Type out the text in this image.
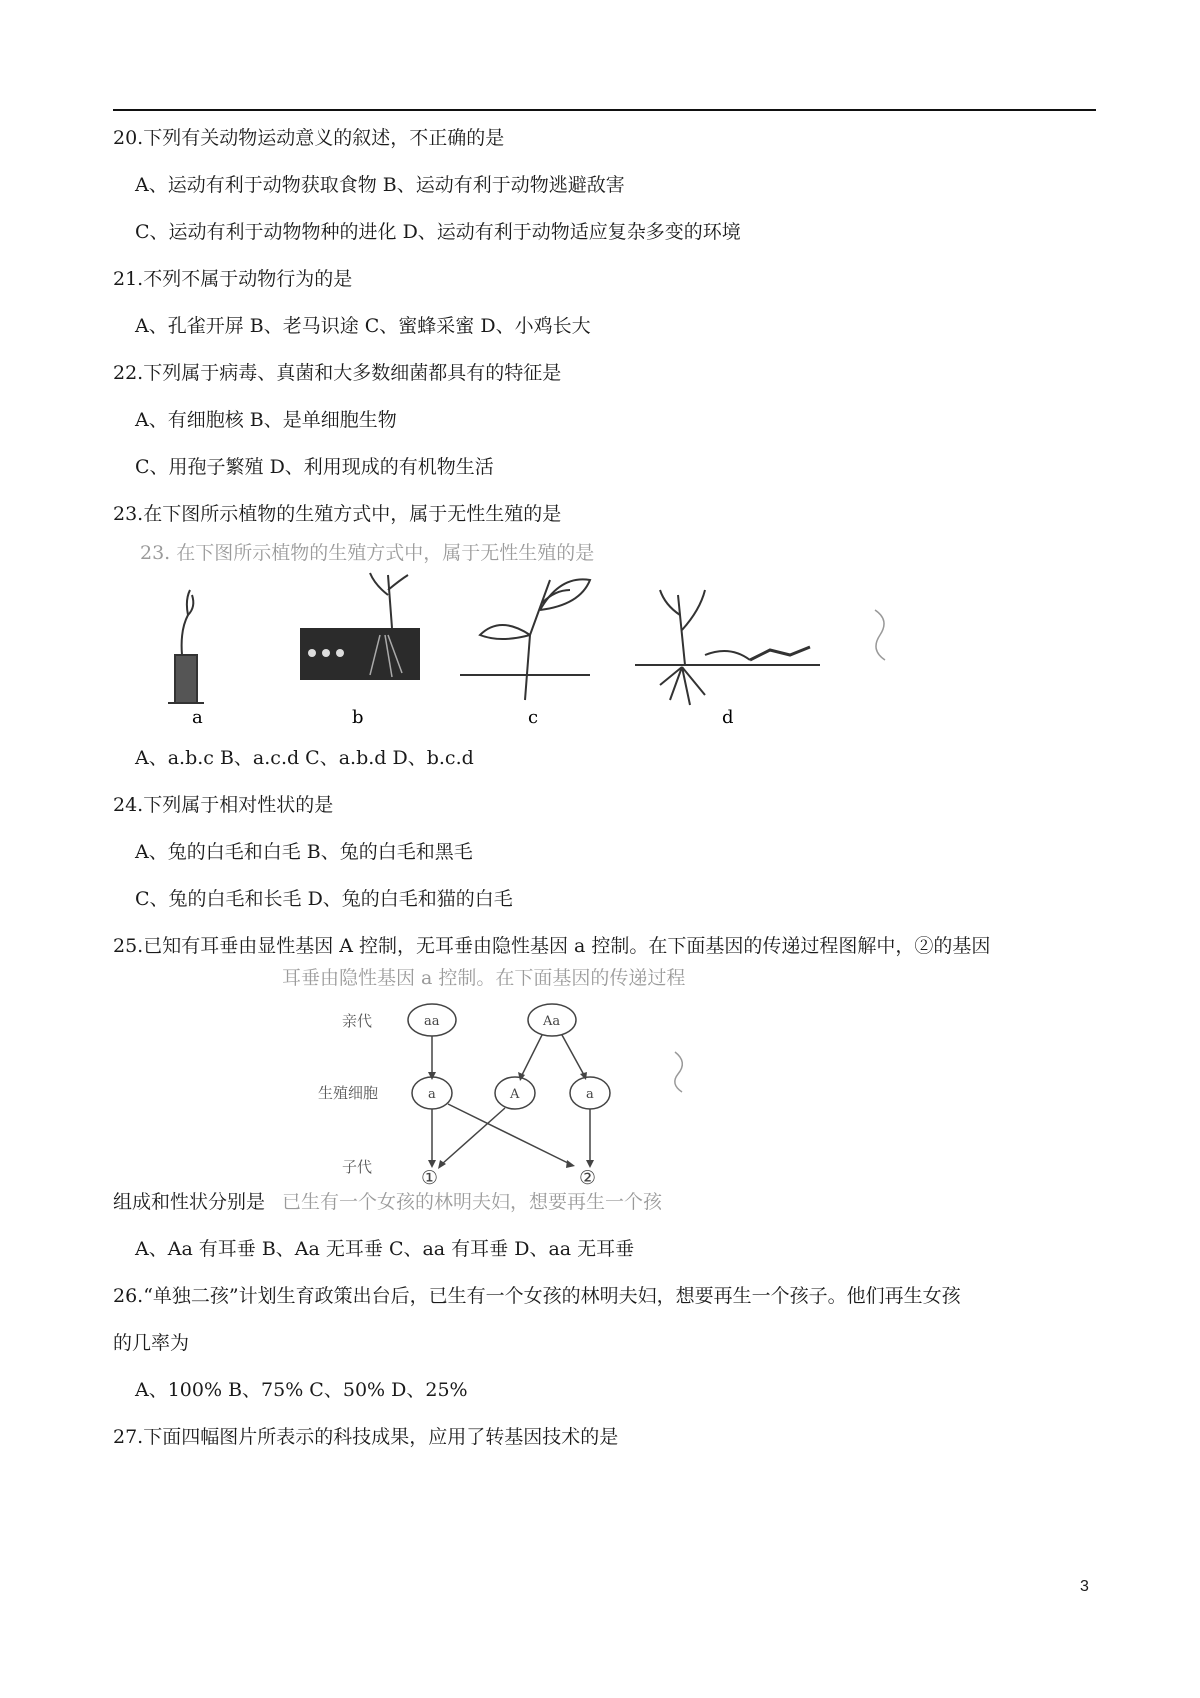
20.下列有关动物运动意义的叙述，不正确的是
A、运动有利于动物获取食物 B、运动有利于动物逃避敌害
C、运动有利于动物物种的进化 D、运动有利于动物适应复杂多变的环境
21.不列不属于动物行为的是
A、孔雀开屏 B、老马识途 C、蜜蜂采蜜 D、小鸡长大
22.下列属于病毒、真菌和大多数细菌都具有的特征是
A、有细胞核 B、是单细胞生物
C、用孢子繁殖 D、利用现成的有机物生活
23.在下图所示植物的生殖方式中，属于无性生殖的是
23. 在下图所示植物的生殖方式中，属于无性生殖的是
a	b	c	d
A、a.b.c B、a.c.d C、a.b.d D、b.c.d
24.下列属于相对性状的是
A、兔的白毛和白毛 B、兔的白毛和黑毛
C、兔的白毛和长毛 D、兔的白毛和猫的白毛
25.已知有耳垂由显性基因 A 控制，无耳垂由隐性基因 a 控制。在下面基因的传递过程图解中，②的基因
耳垂由隐性基因 a 控制。在下面基因的传递过程
亲代
生殖细胞
子代
aa	Aa
a	A	a
①	②
组成和性状分别是 已生有一个女孩的林明夫妇，想要再生一个孩
A、Aa 有耳垂 B、Aa 无耳垂 C、aa 有耳垂 D、aa 无耳垂
26.“单独二孩”计划生育政策出台后，已生有一个女孩的林明夫妇，想要再生一个孩子。他们再生女孩
的几率为
A、100% B、75% C、50% D、25%
27.下面四幅图片所表示的科技成果，应用了转基因技术的是
3
